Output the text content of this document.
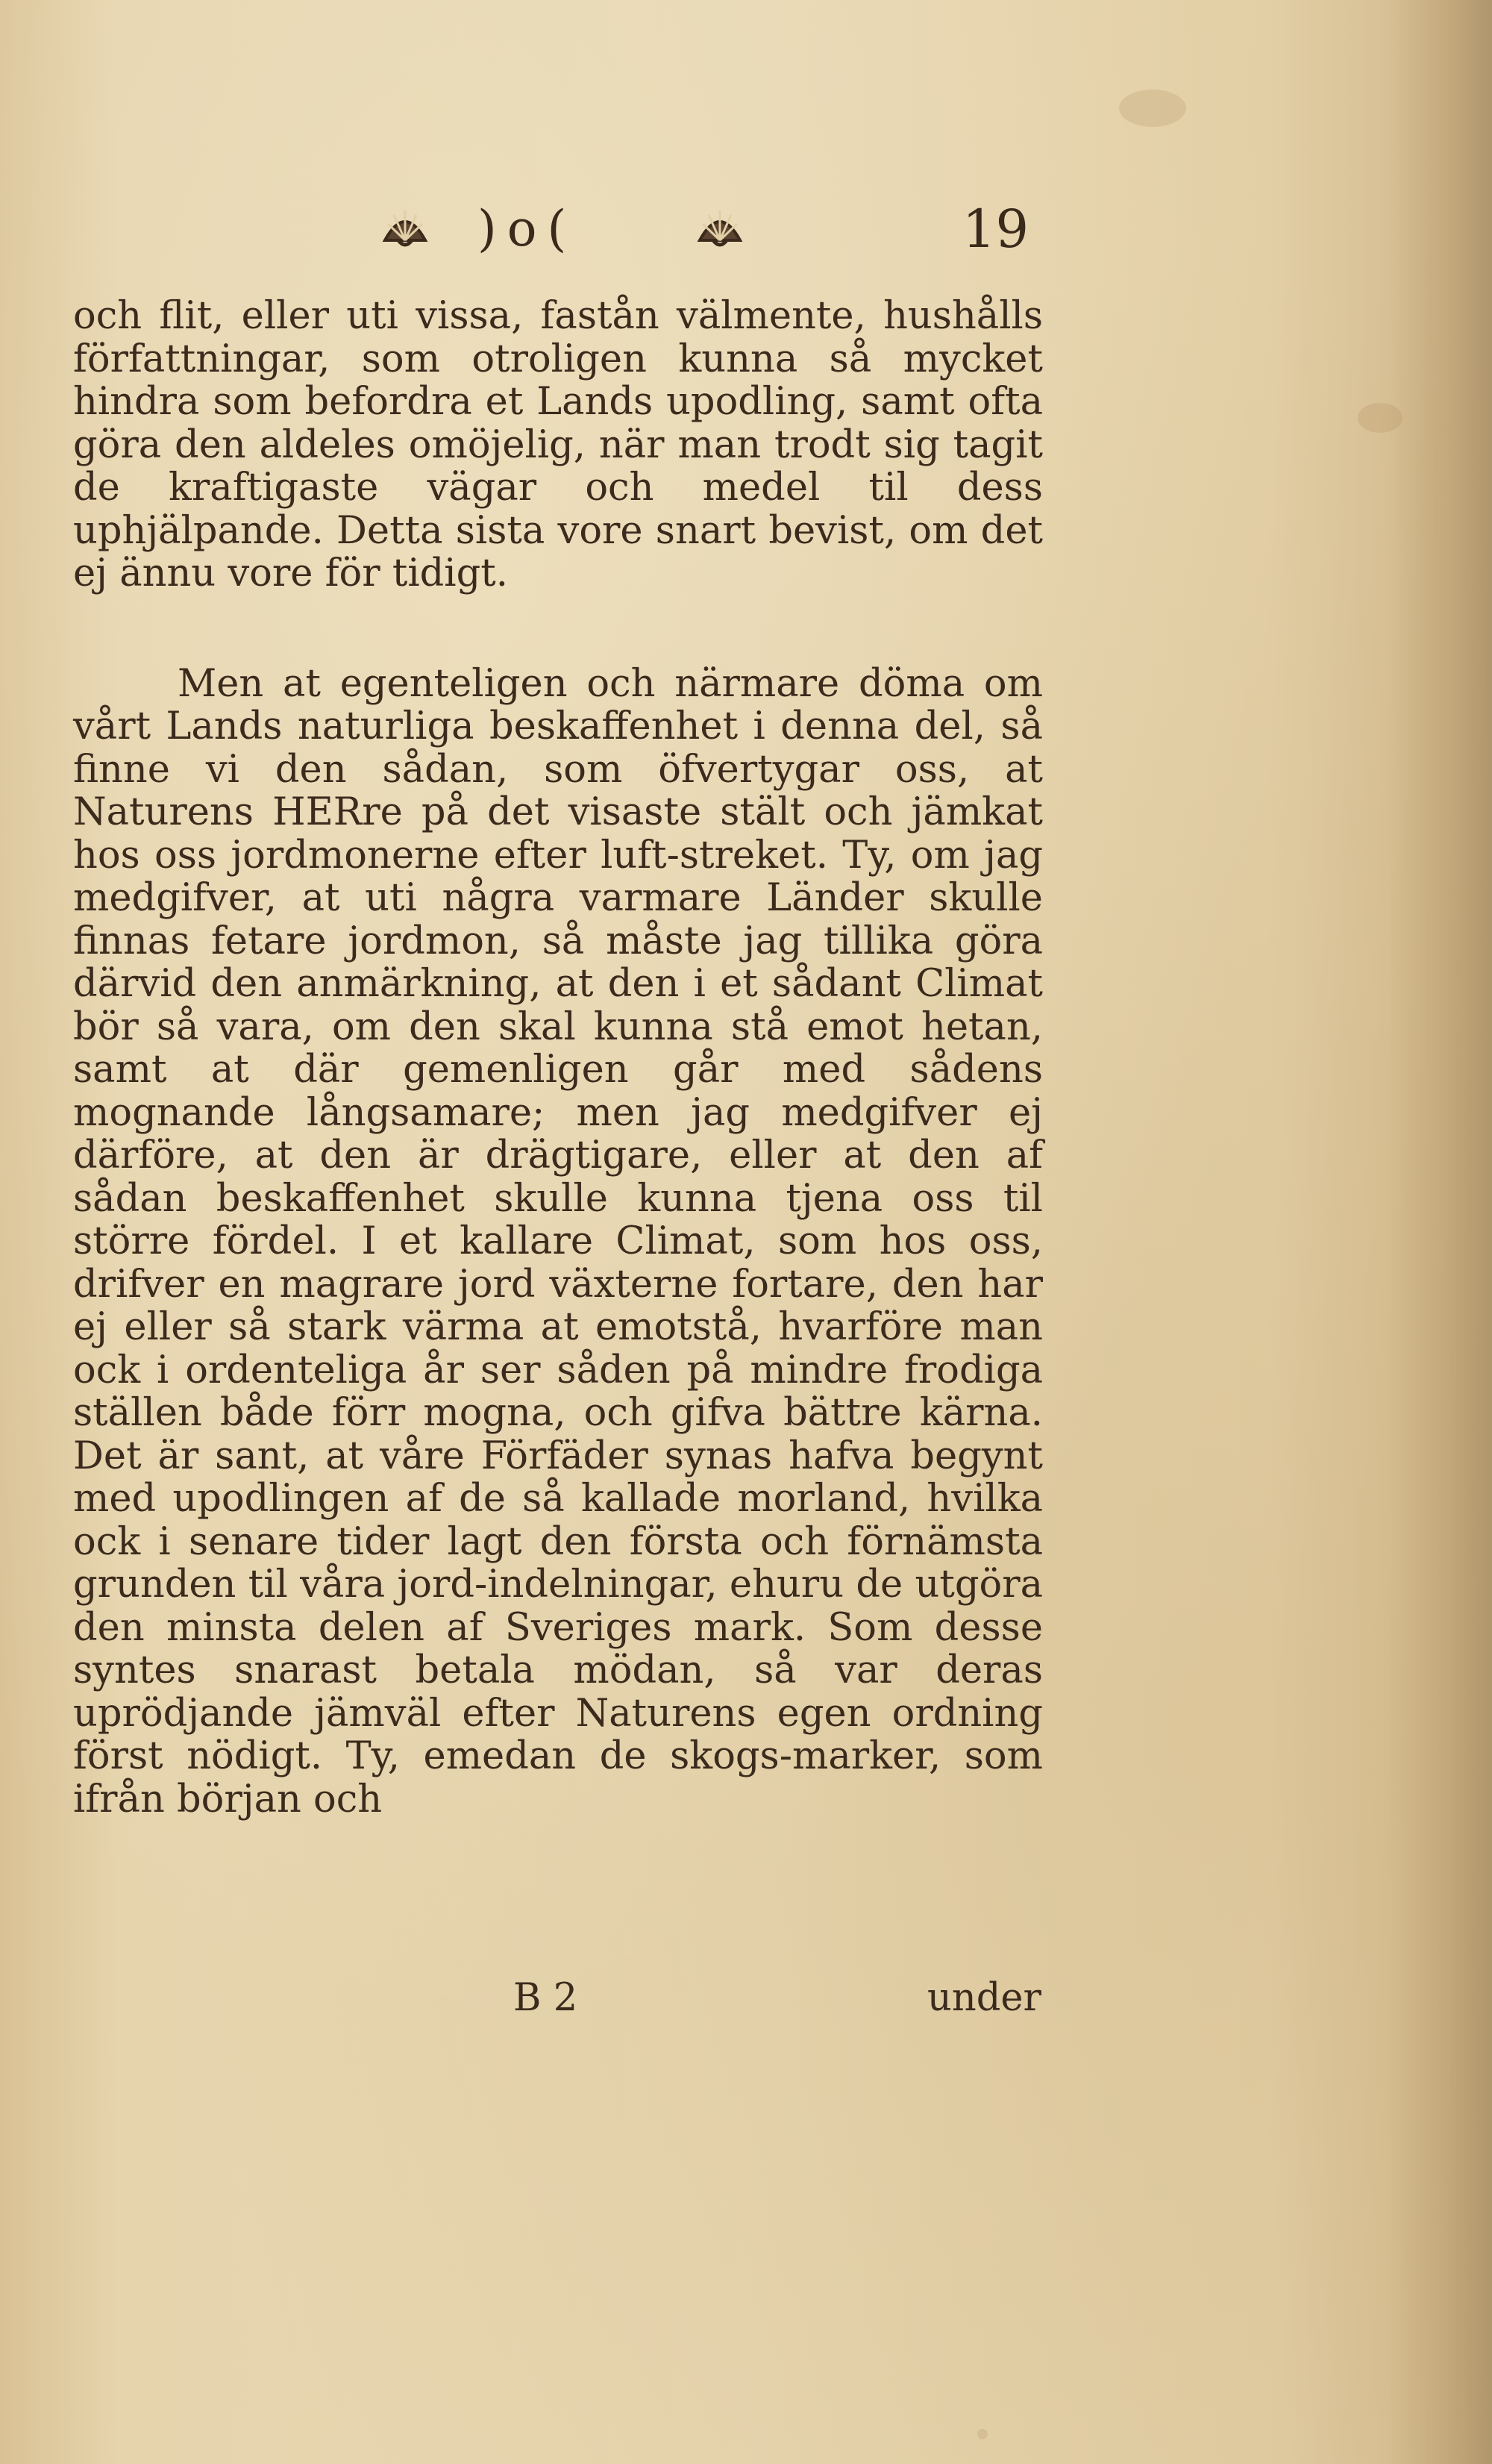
)o(	19

och flit, eller uti vissa, fastån välmente, hushålls författningar, som otroligen kunna så mycket hindra som befordra et Lands upodling, samt ofta göra den aldeles omöjelig, när man trodt sig tagit de kraftigaste vägar och medel til dess uphjälpande. Detta sista vore snart bevist, om det ej ännu vore för tidigt.

Men at egenteligen och närmare döma om vårt Lands naturliga beskaffenhet i denna del, så finne vi den sådan, som öfvertygar oss, at Naturens HERre på det visaste stält och jämkat hos oss jordmonerne efter luft-streket. Ty, om jag medgifver, at uti några varmare Länder skulle finnas fetare jordmon, så måste jag tillika göra därvid den anmärkning, at den i et sådant Climat bör så vara, om den skal kunna stå emot hetan, samt at där gemenligen går med sådens mognande långsamare; men jag medgifver ej därföre, at den är drägtigare, eller at den af sådan beskaffenhet skulle kunna tjena oss til större fördel. I et kallare Climat, som hos oss, drifver en magrare jord växterne fortare, den har ej eller så stark värma at emotstå, hvarföre man ock i ordenteliga år ser såden på mindre frodiga ställen både förr mogna, och gifva bättre kärna. Det är sant, at våre Förfäder synas hafva begynt med upodlingen af de så kallade morland, hvilka ock i senare tider lagt den första och förnämsta grunden til våra jord-indelningar, ehuru de utgöra den minsta delen af Sveriges mark. Som desse syntes snarast betala mödan, så var deras uprödjande jämväl efter Naturens egen ordning först nödigt. Ty, emedan de skogs-marker, som ifrån början och

B 2	under
